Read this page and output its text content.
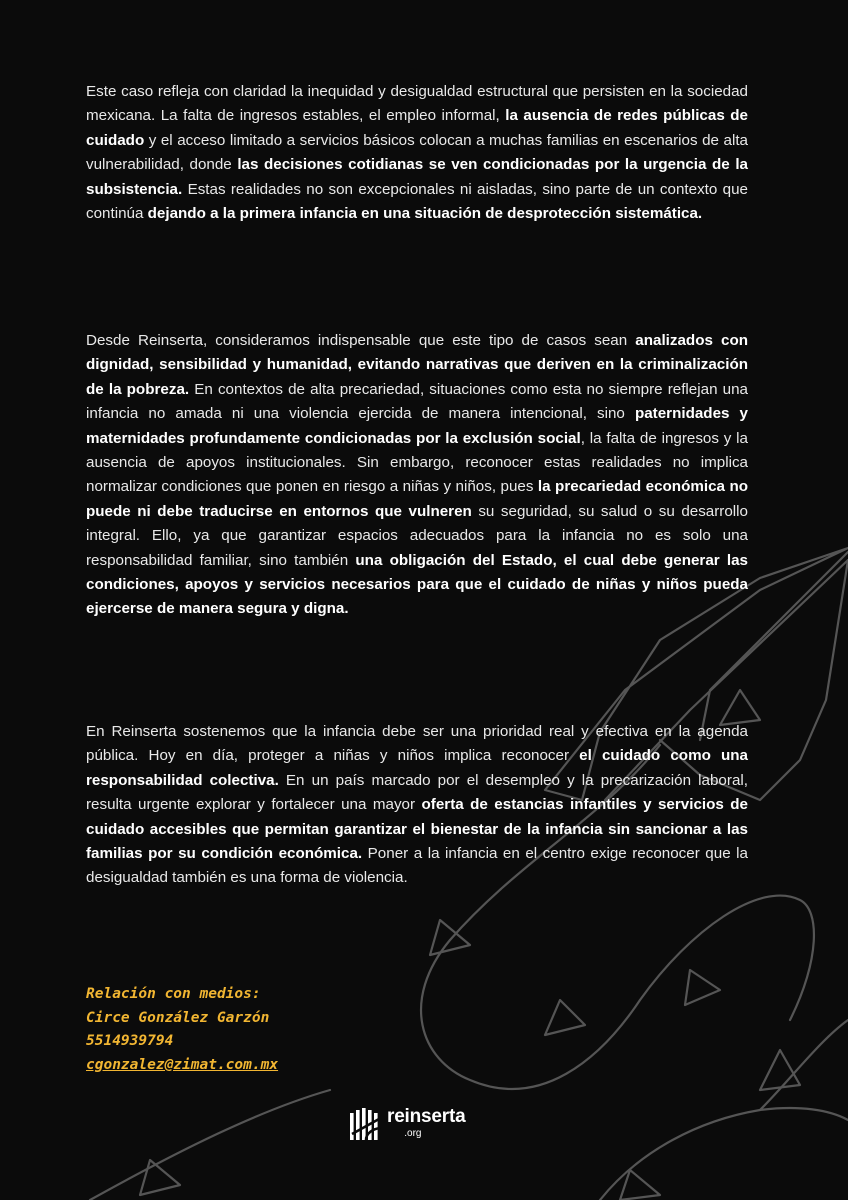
Este caso refleja con claridad la inequidad y desigualdad estructural que persisten en la sociedad mexicana. La falta de ingresos estables, el empleo informal, la ausencia de redes públicas de cuidado y el acceso limitado a servicios básicos colocan a muchas familias en escenarios de alta vulnerabilidad, donde las decisiones cotidianas se ven condicionadas por la urgencia de la subsistencia. Estas realidades no son excepcionales ni aisladas, sino parte de un contexto que continúa dejando a la primera infancia en una situación de desprotección sistemática.

Desde Reinserta, consideramos indispensable que este tipo de casos sean analizados con dignidad, sensibilidad y humanidad, evitando narrativas que deriven en la criminalización de la pobreza. En contextos de alta precariedad, situaciones como esta no siempre reflejan una infancia no amada ni una violencia ejercida de manera intencional, sino paternidades y maternidades profundamente condicionadas por la exclusión social, la falta de ingresos y la ausencia de apoyos institucionales. Sin embargo, reconocer estas realidades no implica normalizar condiciones que ponen en riesgo a niñas y niños, pues la precariedad económica no puede ni debe traducirse en entornos que vulneren su seguridad, su salud o su desarrollo integral. Ello, ya que garantizar espacios adecuados para la infancia no es solo una responsabilidad familiar, sino también una obligación del Estado, el cual debe generar las condiciones, apoyos y servicios necesarios para que el cuidado de niñas y niños pueda ejercerse de manera segura y digna.

En Reinserta sostenemos que la infancia debe ser una prioridad real y efectiva en la agenda pública. Hoy en día, proteger a niñas y niños implica reconocer el cuidado como una responsabilidad colectiva. En un país marcado por el desempleo y la precarización laboral, resulta urgente explorar y fortalecer una mayor oferta de estancias infantiles y servicios de cuidado accesibles que permitan garantizar el bienestar de la infancia sin sancionar a las familias por su condición económica. Poner a la infancia en el centro exige reconocer que la desigualdad también es una forma de violencia.

Relación con medios:
Circe González Garzón
5514939794
cgonzalez@zimat.com.mx
reinserta
.org
